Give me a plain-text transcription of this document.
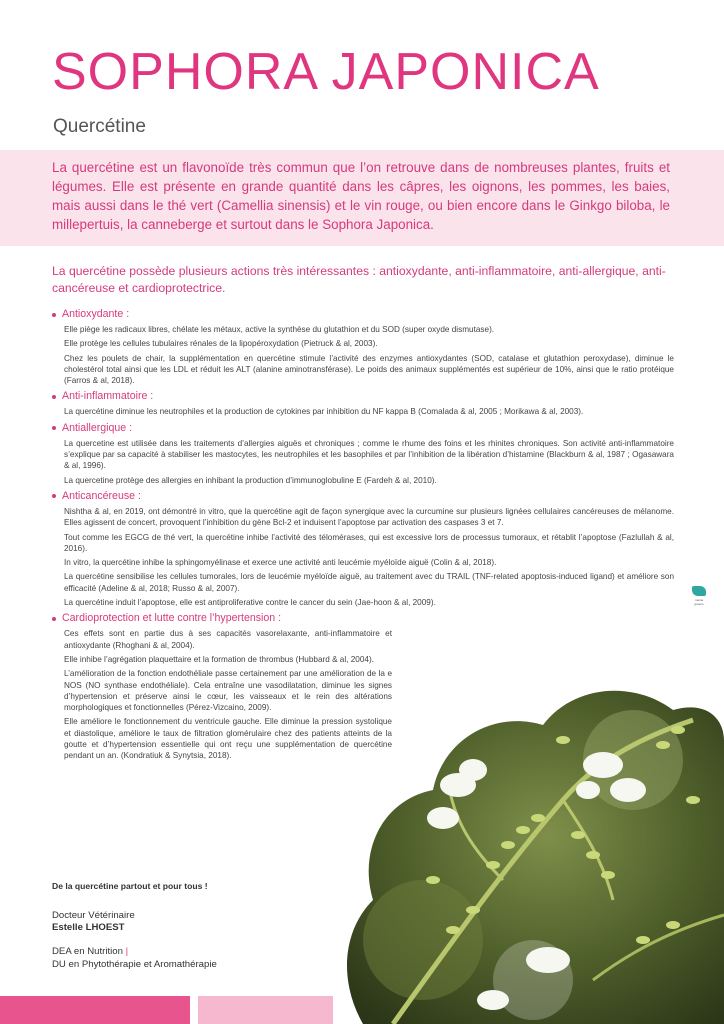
SOPHORA JAPONICA
Quercétine

La quercétine est un flavonoïde très commun que l’on retrouve dans de nombreuses plantes, fruits et légumes. Elle est présente en grande quantité dans les câpres, les oignons, les pommes, les baies, mais aussi dans le thé vert (Camellia sinensis) et le vin rouge, ou bien encore dans le Ginkgo biloba, le millepertuis, la canneberge et surtout dans le Sophora Japonica.

La quercétine possède plusieurs actions très intéressantes : antioxydante, anti-inflammatoire, anti-allergique, anti-cancéreuse et cardioprotectrice.

Antioxydante :

Elle piège les radicaux libres, chélate les métaux, active la synthèse du glutathion et du SOD (super oxyde dismutase).

Elle protège les cellules tubulaires rénales de la lipopéroxydation (Pietruck & al, 2003).

Chez les poulets de chair, la supplémentation en quercétine stimule l’activité des enzymes antioxydantes (SOD, catalase et glutathion peroxydase), diminue le cholestérol total ainsi que les LDL et réduit les ALT (alanine aminotransférase). Le poids des animaux supplémentés est supérieur de 10%, ainsi que le ratio protéique (Farros & al, 2018).

Anti-inflammatoire :

La quercétine diminue les neutrophiles et la production de cytokines par inhibition du NF kappa B (Comalada & al, 2005 ; Morikawa & al, 2003).

Antiallergique :

La quercetine est utilisée dans les traitements d’allergies aiguës et chroniques ; comme le rhume des foins et les rhinites chroniques. Son activité anti-inflammatoire s’explique par sa capacité à stabiliser les mastocytes, les neutrophiles et les basophiles et par l’inhibition de la libération d’histamine (Blackburn & al, 1987 ; Ogasawara & al, 1996).

La quercetine protège des allergies en inhibant la production d’immunoglobuline E (Fardeh & al, 2010).

Anticancéreuse :

Nishtha & al, en 2019, ont démontré in vitro, que la quercétine agit de façon synergique avec la curcumine sur plusieurs lignées cellulaires cancéreuses de mélanome. Elles agissent de concert, provoquent l’inhibition du gène Bcl-2 et induisent l’apoptose par activation des caspases 3 et 7.

Tout comme les EGCG de thé vert, la quercétine inhibe l’activité des télomérases, qui est excessive lors de processus tumoraux, et rétablit l’apoptose (Fazlullah & al, 2016).

In vitro, la quercétine inhibe la sphingomyélinase et exerce une activité anti leucémie myéloïde aiguë (Colin & al, 2018).

La quercétine sensibilise les cellules tumorales, lors de leucémie myéloïde aiguë, au traitement avec du TRAIL (TNF-related apoptosis-induced ligand) et améliore son efficacité (Adeline & al, 2018; Russo & al, 2007).

La quercétine induit l’apoptose, elle est antiproliferative contre le cancer du sein (Jae-hoon & al, 2009).

Cardioprotection et lutte contre l’hypertension :

Ces effets sont en partie dus à ses capacités vasorelaxante, anti-inflammatoire et antioxydante (Rhoghani & al, 2004).

Elle inhibe l’agrégation plaquettaire et la formation de thrombus (Hubbard & al, 2004).

L’amélioration de la fonction endothéliale passe certainement par une amélioration de la e NOS (NO synthase endothéliale). Cela entraîne une vasodilatation, diminue les signes d’hypertension et préserve ainsi le cœur, les vaisseaux et le rein des altérations morphologiques et fonctionnelles (Pérez-Vizcaino, 2009).

Elle améliore le fonctionnement du ventricule gauche. Elle diminue la pression systolique et diastolique, améliore le taux de filtration glomérulaire chez des patients atteints de la goutte et d’hypertension essentielle qui ont reçu une supplémentation de quercétine pendant un an. (Kondratiuk & Synytsia, 2018).

mama greens
De la quercétine partout et pour tous !
Docteur Vétérinaire
Estelle LHOEST
DEA en Nutrition |
DU en Phytothérapie et Aromathérapie
